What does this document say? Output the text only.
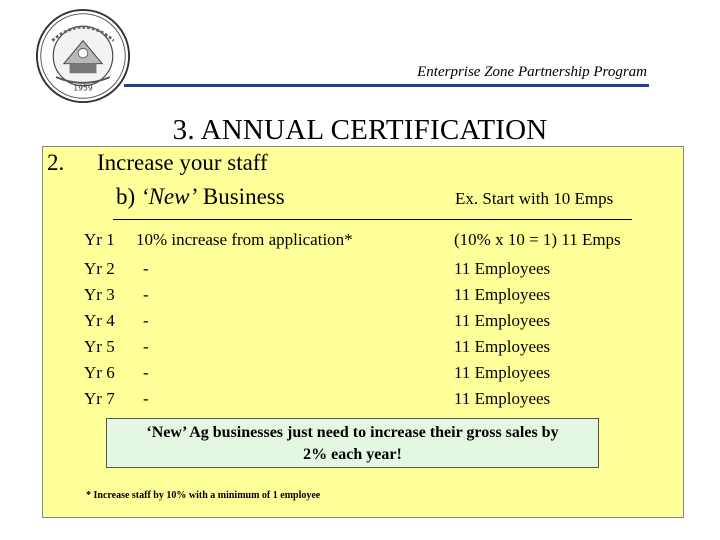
1959
Enterprise Zone Partnership Program
3. ANNUAL CERTIFICATION
2. Increase your staff
b) ‘New’ Business	Ex. Start with 10 Emps
Yr 1 10% increase from application*	(10% x 10 = 1) 11 Emps
Yr 2 -	11 Employees
Yr 3 -	11 Employees
Yr 4 -	11 Employees
Yr 5 -	11 Employees
Yr 6 -	11 Employees
Yr 7 -	11 Employees
‘New’ Ag businesses just need to increase their gross sales by
2% each year!
* Increase staff by 10% with a minimum of 1 employee
